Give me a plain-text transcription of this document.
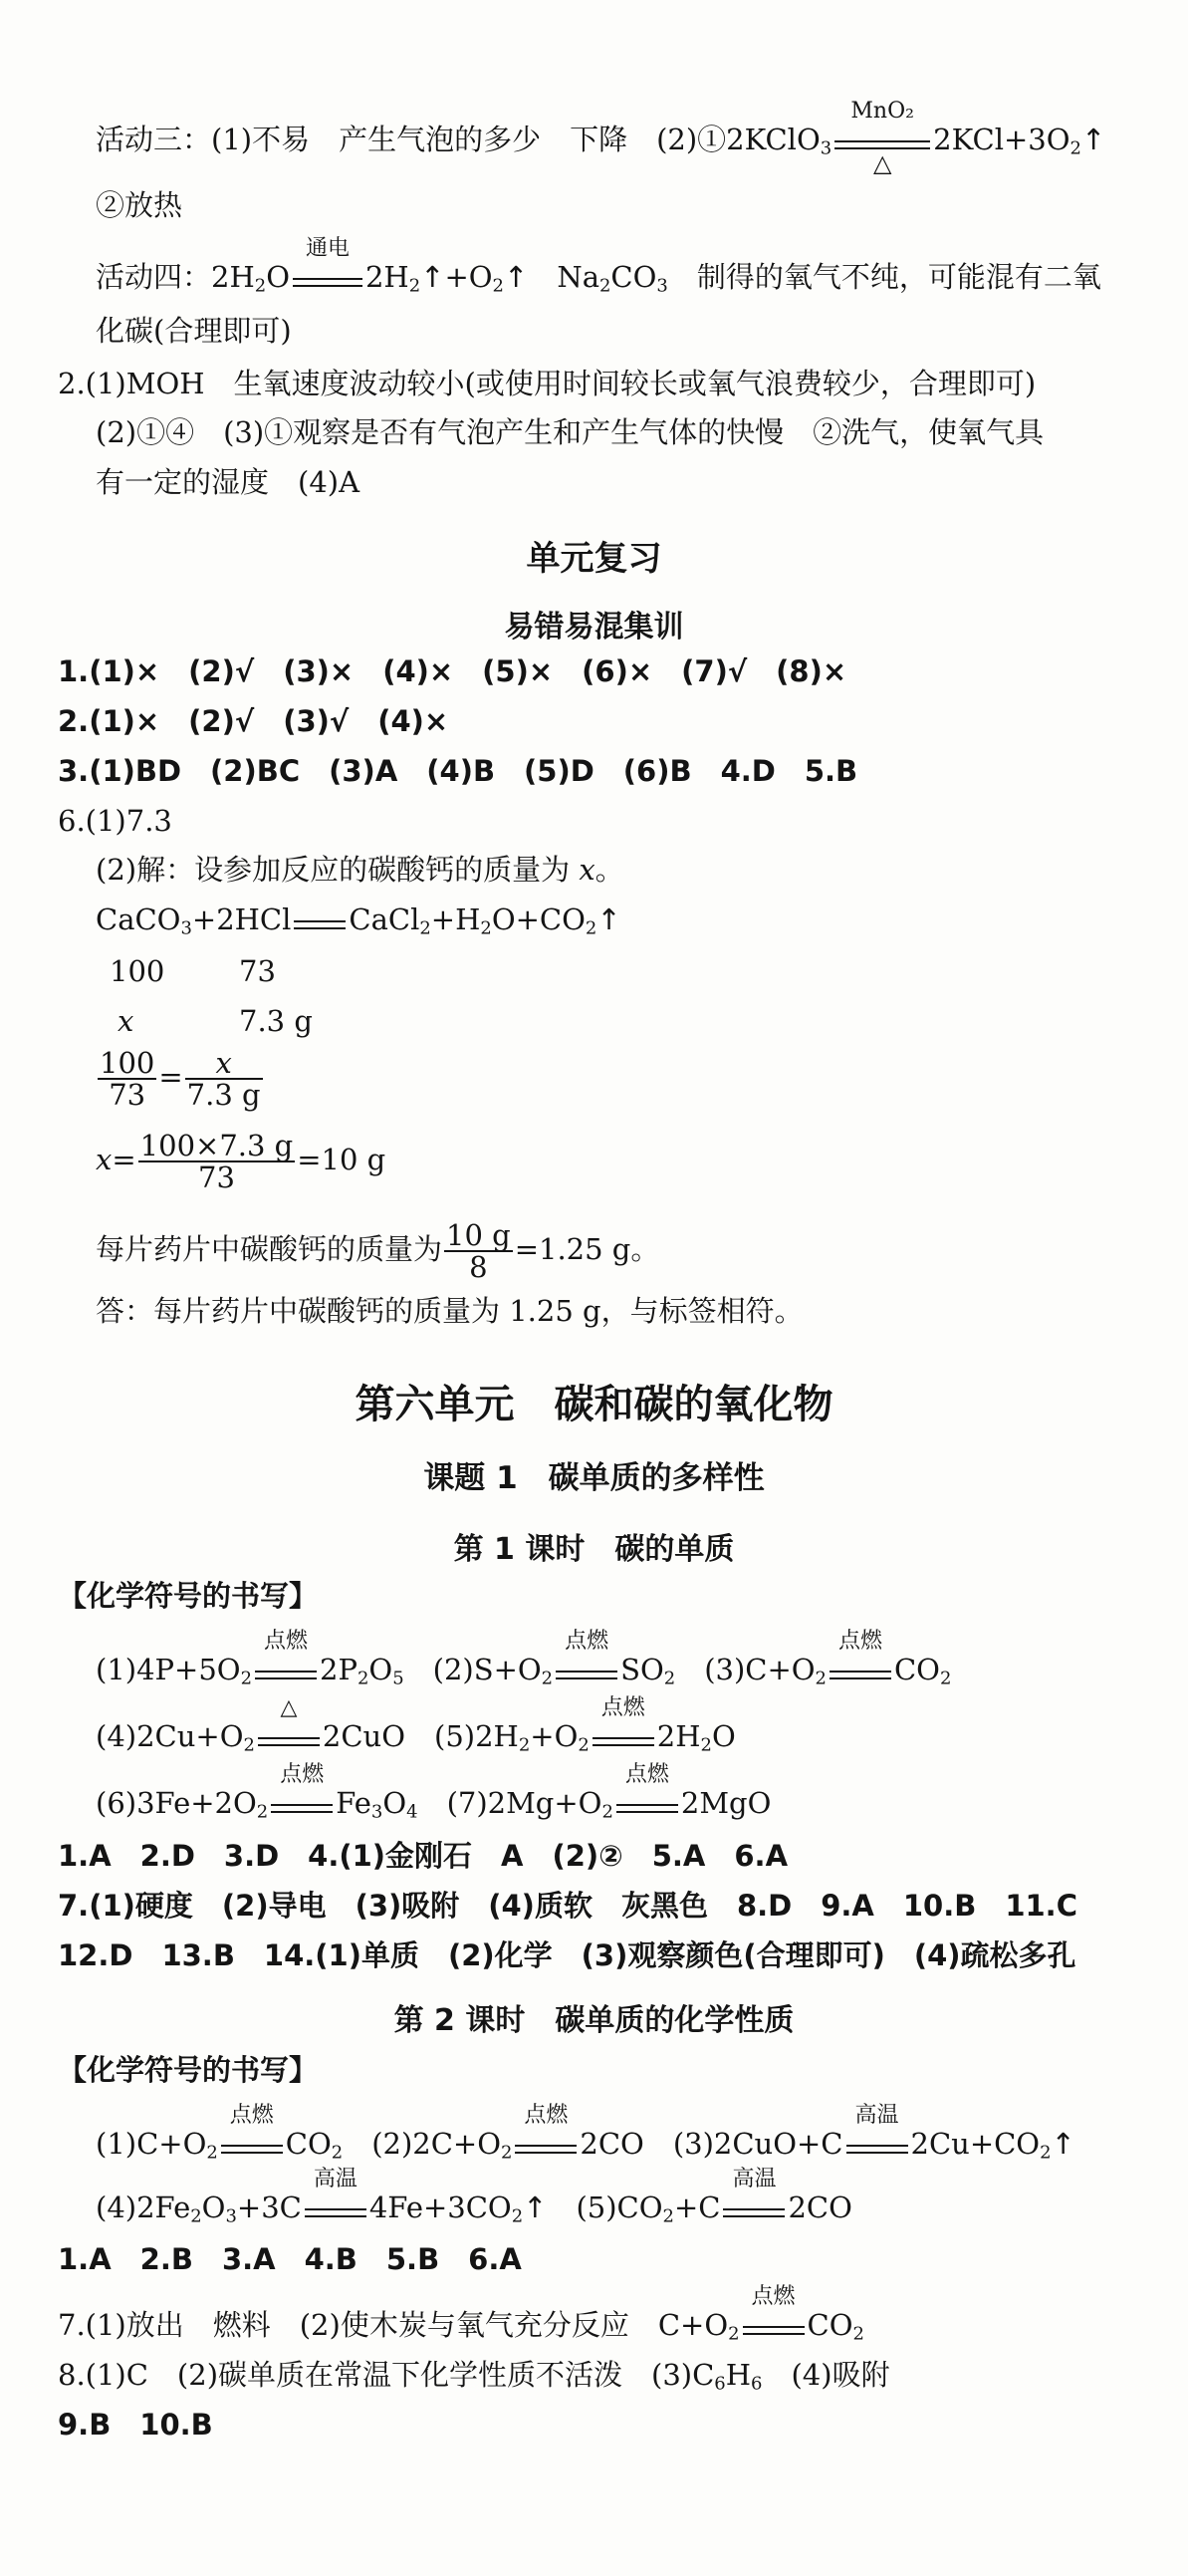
活动三：(1)不易　产生气泡的多少　下降　(2)①2KClO$_3$
MnO₂
△
$2KCl+3O_2↑$
②放热
活动四：$2H_2O$
通电
$2H_2↑+O_2↑$　 $Na_2CO_3$　 制得的氧气不纯，可能混有二氧
化碳(合理即可)
2.(1)MOH　生氧速度波动较小(或使用时间较长或氧气浪费较少，合理即可)
(2)①④　(3)①观察是否有气泡产生和产生气体的快慢　②洗气，使氧气具
有一定的湿度　(4)A
单元复习
易错易混集训
1.(1)×　(2)√　(3)×　(4)×　(5)×　(6)×　(7)√　(8)×
2.(1)×　(2)√　(3)√　(4)×
3.(1)BD　(2)BC　(3)A　(4)B　(5)D　(6)B　4.D　5.B
6.(1)7.3
(2)解：设参加反应的碳酸钙的质量为 x。
CaCO$_3$+2HCl $CaCl_2+H_2O+CO_2↑$
100	73
x	7.3 g
$\frac{100}{73} = \frac{x}{7.3 g}$
$x= \frac{100\times 7.3 g}{73} =10$ g
每片药片中碳酸钙的质量为 $\frac{10 g}{8} =1.25$ g。
答：每片药片中碳酸钙的质量为 1.25 g，与标签相符。
第六单元　碳和碳的氧化物
课题 1　碳单质的多样性
第 1 课时　碳的单质
【化学符号的书写】
$(1)4P+5O_2$
点燃
$2P_2O_5$　$(2)S+O_2$
点燃
$SO_2$　$(3)C+O_2$
点燃
$CO_2$
$(4)2Cu+O_2$
△
2CuO　$(5)2H_2+O_2$
点燃
$2H_2O$
$(6)3Fe+2O_2$
点燃
$Fe_3O_4$　$(7)2Mg+O_2$
点燃
2MgO
1.A　2.D　3.D　4.(1)金刚石　A　(2)②　5.A　6.A
7.(1)硬度　(2)导电　(3)吸附　(4)质软　灰黑色　8.D　9.A　10.B　11.C
12.D　13.B　14.(1)单质　(2)化学　(3)观察颜色(合理即可)　(4)疏松多孔
第 2 课时　碳单质的化学性质
【化学符号的书写】
$(1)C+O_2$
点燃
$CO_2$　$(2)2C+O_2$
点燃
2CO　(3)2CuO+C
高温
$2Cu+CO_2↑$
$(4)2Fe_2O_3+3C$
高温
$4Fe+3CO_2↑$　$(5)CO_2+C$
高温
2CO
1.A　2.B　3.A　4.B　5.B　6.A
7.(1)放出　燃料　(2)使木炭与氧气充分反应　$C+O_2$
点燃
$CO_2$
8.(1)C　(2)碳单质在常温下化学性质不活泼　$(3)C_6H_6$　 (4)吸附
9.B　10.B
